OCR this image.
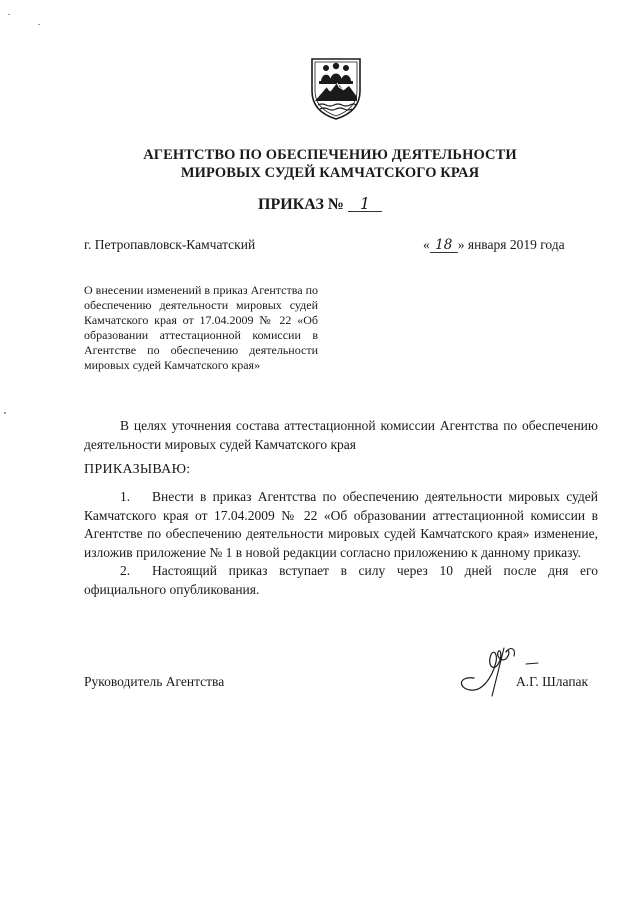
АГЕНТСТВО ПО ОБЕСПЕЧЕНИЮ ДЕЯТЕЛЬНОСТИ
МИРОВЫХ СУДЕЙ КАМЧАТСКОГО КРАЯ
ПРИКАЗ № 1
г. Петропавловск-Камчатский	« 18 » января 2019 года
О внесении изменений в приказ Агентства по обеспечению деятельности мировых судей Камчатского края от 17.04.2009 № 22 «Об образовании аттестационной комиссии в Агентстве по обеспечению деятельности мировых судей Камчатского края»
В целях уточнения состава аттестационной комиссии Агентства по обеспечению деятельности мировых судей Камчатского края
ПРИКАЗЫВАЮ:

1. Внести в приказ Агентства по обеспечению деятельности мировых судей Камчатского края от 17.04.2009 № 22 «Об образовании аттестационной комиссии в Агентстве по обеспечению деятельности мировых судей Камчатского края» изменение, изложив приложение № 1 в новой редакции согласно приложению к данному приказу.

2. Настоящий приказ вступает в силу через 10 дней после дня его официального опубликования.

Руководитель Агентства	А.Г. Шлапак
